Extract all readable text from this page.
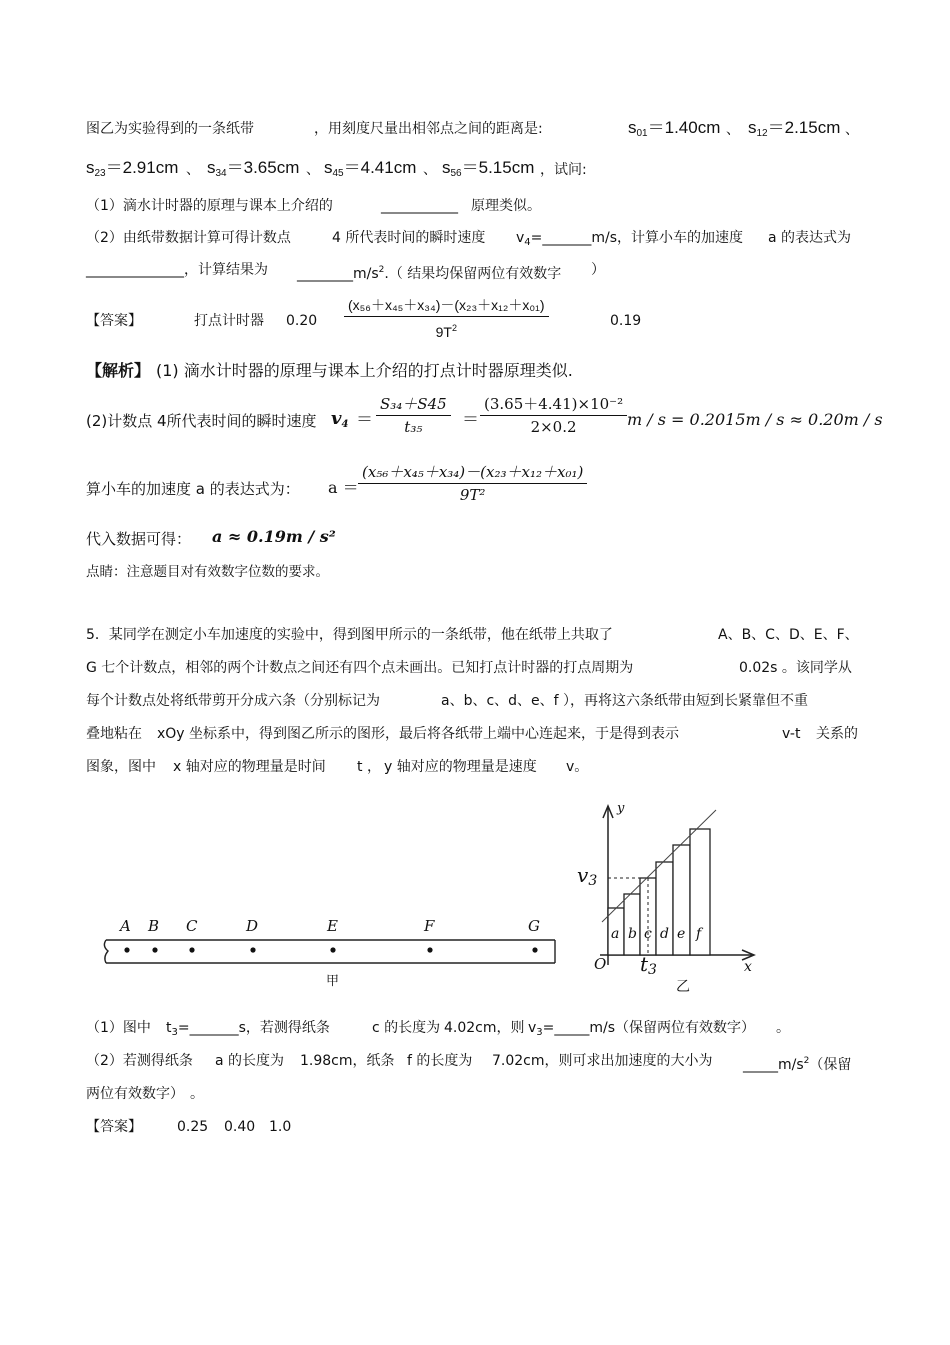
图乙为实验得到的一条纸带	，用刻度尺量出相邻点之间的距离是:	$s_{01}=1.40cm$ 、 $s_{12}=2.15cm$ 、
$s_{23}=2.91cm$ 、 $s_{34}=3.65cm$ 、 $s_{45}=4.41cm$ 、 $s_{56}=5.15cm$ ，试问:
（1）滴水计时器的原理与课本上介绍的	___________ 原理类似。
（2）由纸带数据计算可得计数点	4 所代表时间的瞬时速度 $v_4=\_\_\_\_\_\_\_m/s$，计算小车的加速度 a 的表达式为
______________，计算结果为 $\_\_\_\_\_\_\_\_m/s^2$.（ 结果均保留两位有效数字 ）
【答案】	打点计时器 $0.20 \frac{\text{(x₅₆＋x₄₅＋x₃₄)－(x₂₃＋x₁₂＋x₀₁)}}{9T^2}$	0.19
【解析】 (1) 滴水计时器的原理与课本上介绍的打点计时器原理类似.
(2)计数点 4所代表时间的瞬时速度 $v_4 = \frac{\text{S₃₄＋S45}}{\text{t₃₅}} = \frac{\text{(3.65＋4.41)×10⁻²}}{2\times 0.2}$ m / s = 0.2015m / s ≈ 0.20m / s
算小车的加速度 a 的表达式为： $a = \frac{\text{(x₅₆＋x₄₅＋x₃₄)－(x₂₃＋x₁₂＋x₀₁)}}{\text{9T²}}$
代入数据可得： a ≈ 0.19m / s²
点睛：注意题目对有效数字位数的要求。
5．某同学在测定小车加速度的实验中，得到图甲所示的一条纸带，他在纸带上共取了	A、B、C、D、E、F、
G 七个计数点，相邻的两个计数点之间还有四个点未画出。已知打点计时器的打点周期为	0.02s 。该同学从
每个计数点处将纸带剪开分成六条（分别标记为	a、b、c、d、e、f ），再将这六条纸带由短到长紧靠但不重
叠地粘在 xOy 坐标系中，得到图乙所示的图形，最后将各纸带上端中心连起来，于是得到表示	v-t 关系的
图象，图中 x 轴对应的物理量是时间 t ， y 轴对应的物理量是速度 v。
A B C	D	E	F	G
甲
y
x
O
$v_3$
$t_3$
a b c d e f
乙
（1）图中 $t_3=\_\_\_\_\_\_\_s$，若测得纸条	c 的长度为 4.02cm，则 $v_3=\_\_\_\_\_m/s$（保留两位有效数字） 。
（2）若测得纸条 a 的长度为 1.98cm，纸条 f 的长度为 7.02cm，则可求出加速度的大小为 $\_\_\_\_\_m/s^2$（保留
两位有效数字） 。
【答案】	0.25 0.40 1.0
